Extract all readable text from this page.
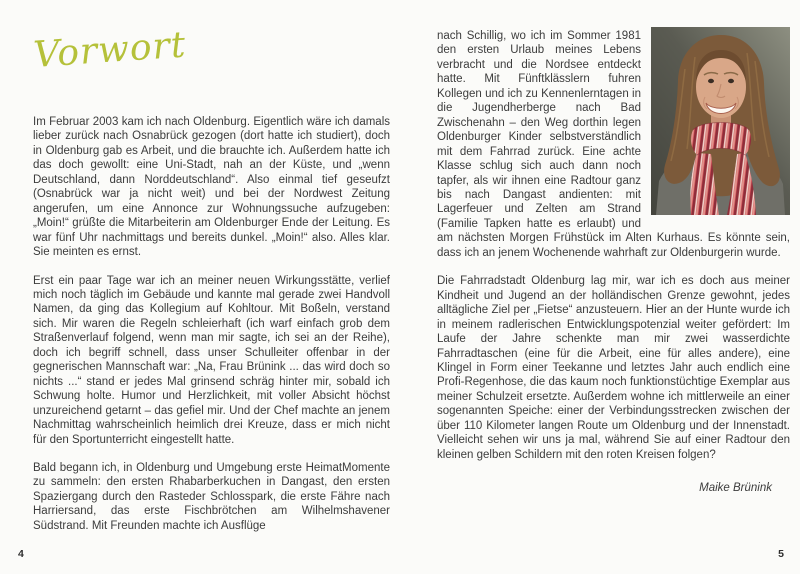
Vorwort

Im Februar 2003 kam ich nach Oldenburg. Eigentlich wäre ich damals lieber zurück nach Osnabrück gezogen (dort hatte ich studiert), doch in Oldenburg gab es Arbeit, und die brauchte ich. Außerdem hatte ich das doch gewollt: eine Uni-Stadt, nah an der Küste, und „wenn Deutschland, dann Norddeutschland“. Also einmal tief geseufzt (Osnabrück war ja nicht weit) und bei der Nordwest Zeitung angerufen, um eine Annonce zur Wohnungssuche aufzugeben: „Moin!“ grüßte die Mitarbeiterin am Oldenburger Ende der Leitung. Es war fünf Uhr nachmittags und bereits dunkel. „Moin!“ also. Alles klar. Sie meinten es ernst.

Erst ein paar Tage war ich an meiner neuen Wirkungsstätte, verlief mich noch täglich im Gebäude und kannte mal gerade zwei Handvoll Namen, da ging das Kollegium auf Kohltour. Mit Boßeln, verstand sich. Mir waren die Regeln schleierhaft (ich warf einfach grob dem Straßenverlauf folgend, wenn man mir sagte, ich sei an der Reihe), doch ich begriff schnell, dass unser Schulleiter offenbar in der gegnerischen Mannschaft war: „Na, Frau Brünink ... das wird doch so nichts ...“ stand er jedes Mal grinsend schräg hinter mir, sobald ich Schwung holte. Humor und Herzlichkeit, mit voller Absicht höchst unzureichend getarnt – das gefiel mir. Und der Chef machte an jenem Nachmittag wahrscheinlich heimlich drei Kreuze, dass er mich nicht für den Sportunterricht eingestellt hatte.

Bald begann ich, in Oldenburg und Umgebung erste HeimatMomente zu sammeln: den ersten Rhabarberkuchen in Dangast, den ersten Spaziergang durch den Rasteder Schlosspark, die erste Fähre nach Harriersand, das erste Fischbrötchen am Wilhelmshavener Südstrand. Mit Freunden machte ich Ausflüge

nach Schillig, wo ich im Sommer 1981 den ersten Urlaub meines Lebens verbracht und die Nordsee entdeckt hatte. Mit Fünftklässlern fuhren Kollegen und ich zu Kennenlerntagen in die Jugendherberge nach Bad Zwischenahn – den Weg dorthin legen Oldenburger Kinder selbstverständlich mit dem Fahrrad zurück. Eine achte Klasse schlug sich auch dann noch tapfer, als wir ihnen eine Radtour ganz bis nach Dangast andienten: mit Lagerfeuer und Zelten am Strand (Familie Tapken hatte es erlaubt) und am nächsten Morgen Frühstück im Alten Kurhaus. Es könnte sein, dass ich an jenem Wochenende wahrhaft zur Oldenburgerin wurde.

Die Fahrradstadt Oldenburg lag mir, war ich es doch aus meiner Kindheit und Jugend an der holländischen Grenze gewohnt, jedes alltägliche Ziel per „Fietse“ anzusteuern. Hier an der Hunte wurde ich in meinem radlerischen Entwicklungspotenzial weiter gefördert: Im Laufe der Jahre schenkte man mir zwei wasserdichte Fahrradtaschen (eine für die Arbeit, eine für alles andere), eine Klingel in Form einer Teekanne und letztes Jahr auch endlich eine Profi-Regenhose, die das kaum noch funktionstüchtige Exemplar aus meiner Schulzeit ersetzte. Außerdem wohne ich mittlerweile an einer sogenannten Speiche: einer der Verbindungsstrecken zwischen der über 110 Kilometer langen Route um Oldenburg und der Innenstadt. Vielleicht sehen wir uns ja mal, während Sie auf einer Radtour den kleinen gelben Schildern mit den roten Kreisen folgen?

Maike Brünink
4	5
